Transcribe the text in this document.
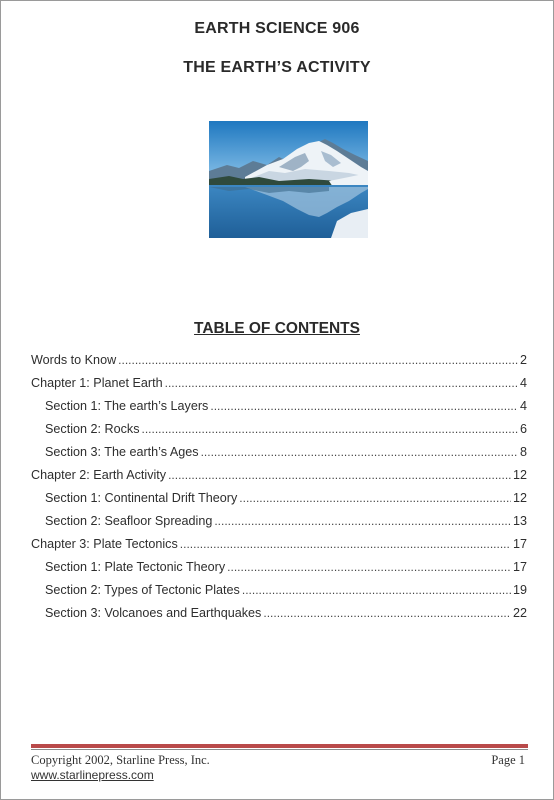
EARTH SCIENCE 906
THE EARTH’S ACTIVITY
TABLE OF CONTENTS
Words to Know .....	2
Chapter 1: Planet Earth .....	4
Section 1: The earth’s Layers .....	4
Section 2: Rocks .....	6
Section 3: The earth’s Ages .....	8
Chapter 2: Earth Activity .....	12
Section 1: Continental Drift Theory .....	12
Section 2: Seafloor Spreading .....	13
Chapter 3: Plate Tectonics .....	17
Section 1: Plate Tectonic Theory .....	17
Section 2: Types of Tectonic Plates .....	19
Section 3: Volcanoes and Earthquakes .....	22
Copyright 2002, Starline Press, Inc.
www.starlinepress.com
Page 1
